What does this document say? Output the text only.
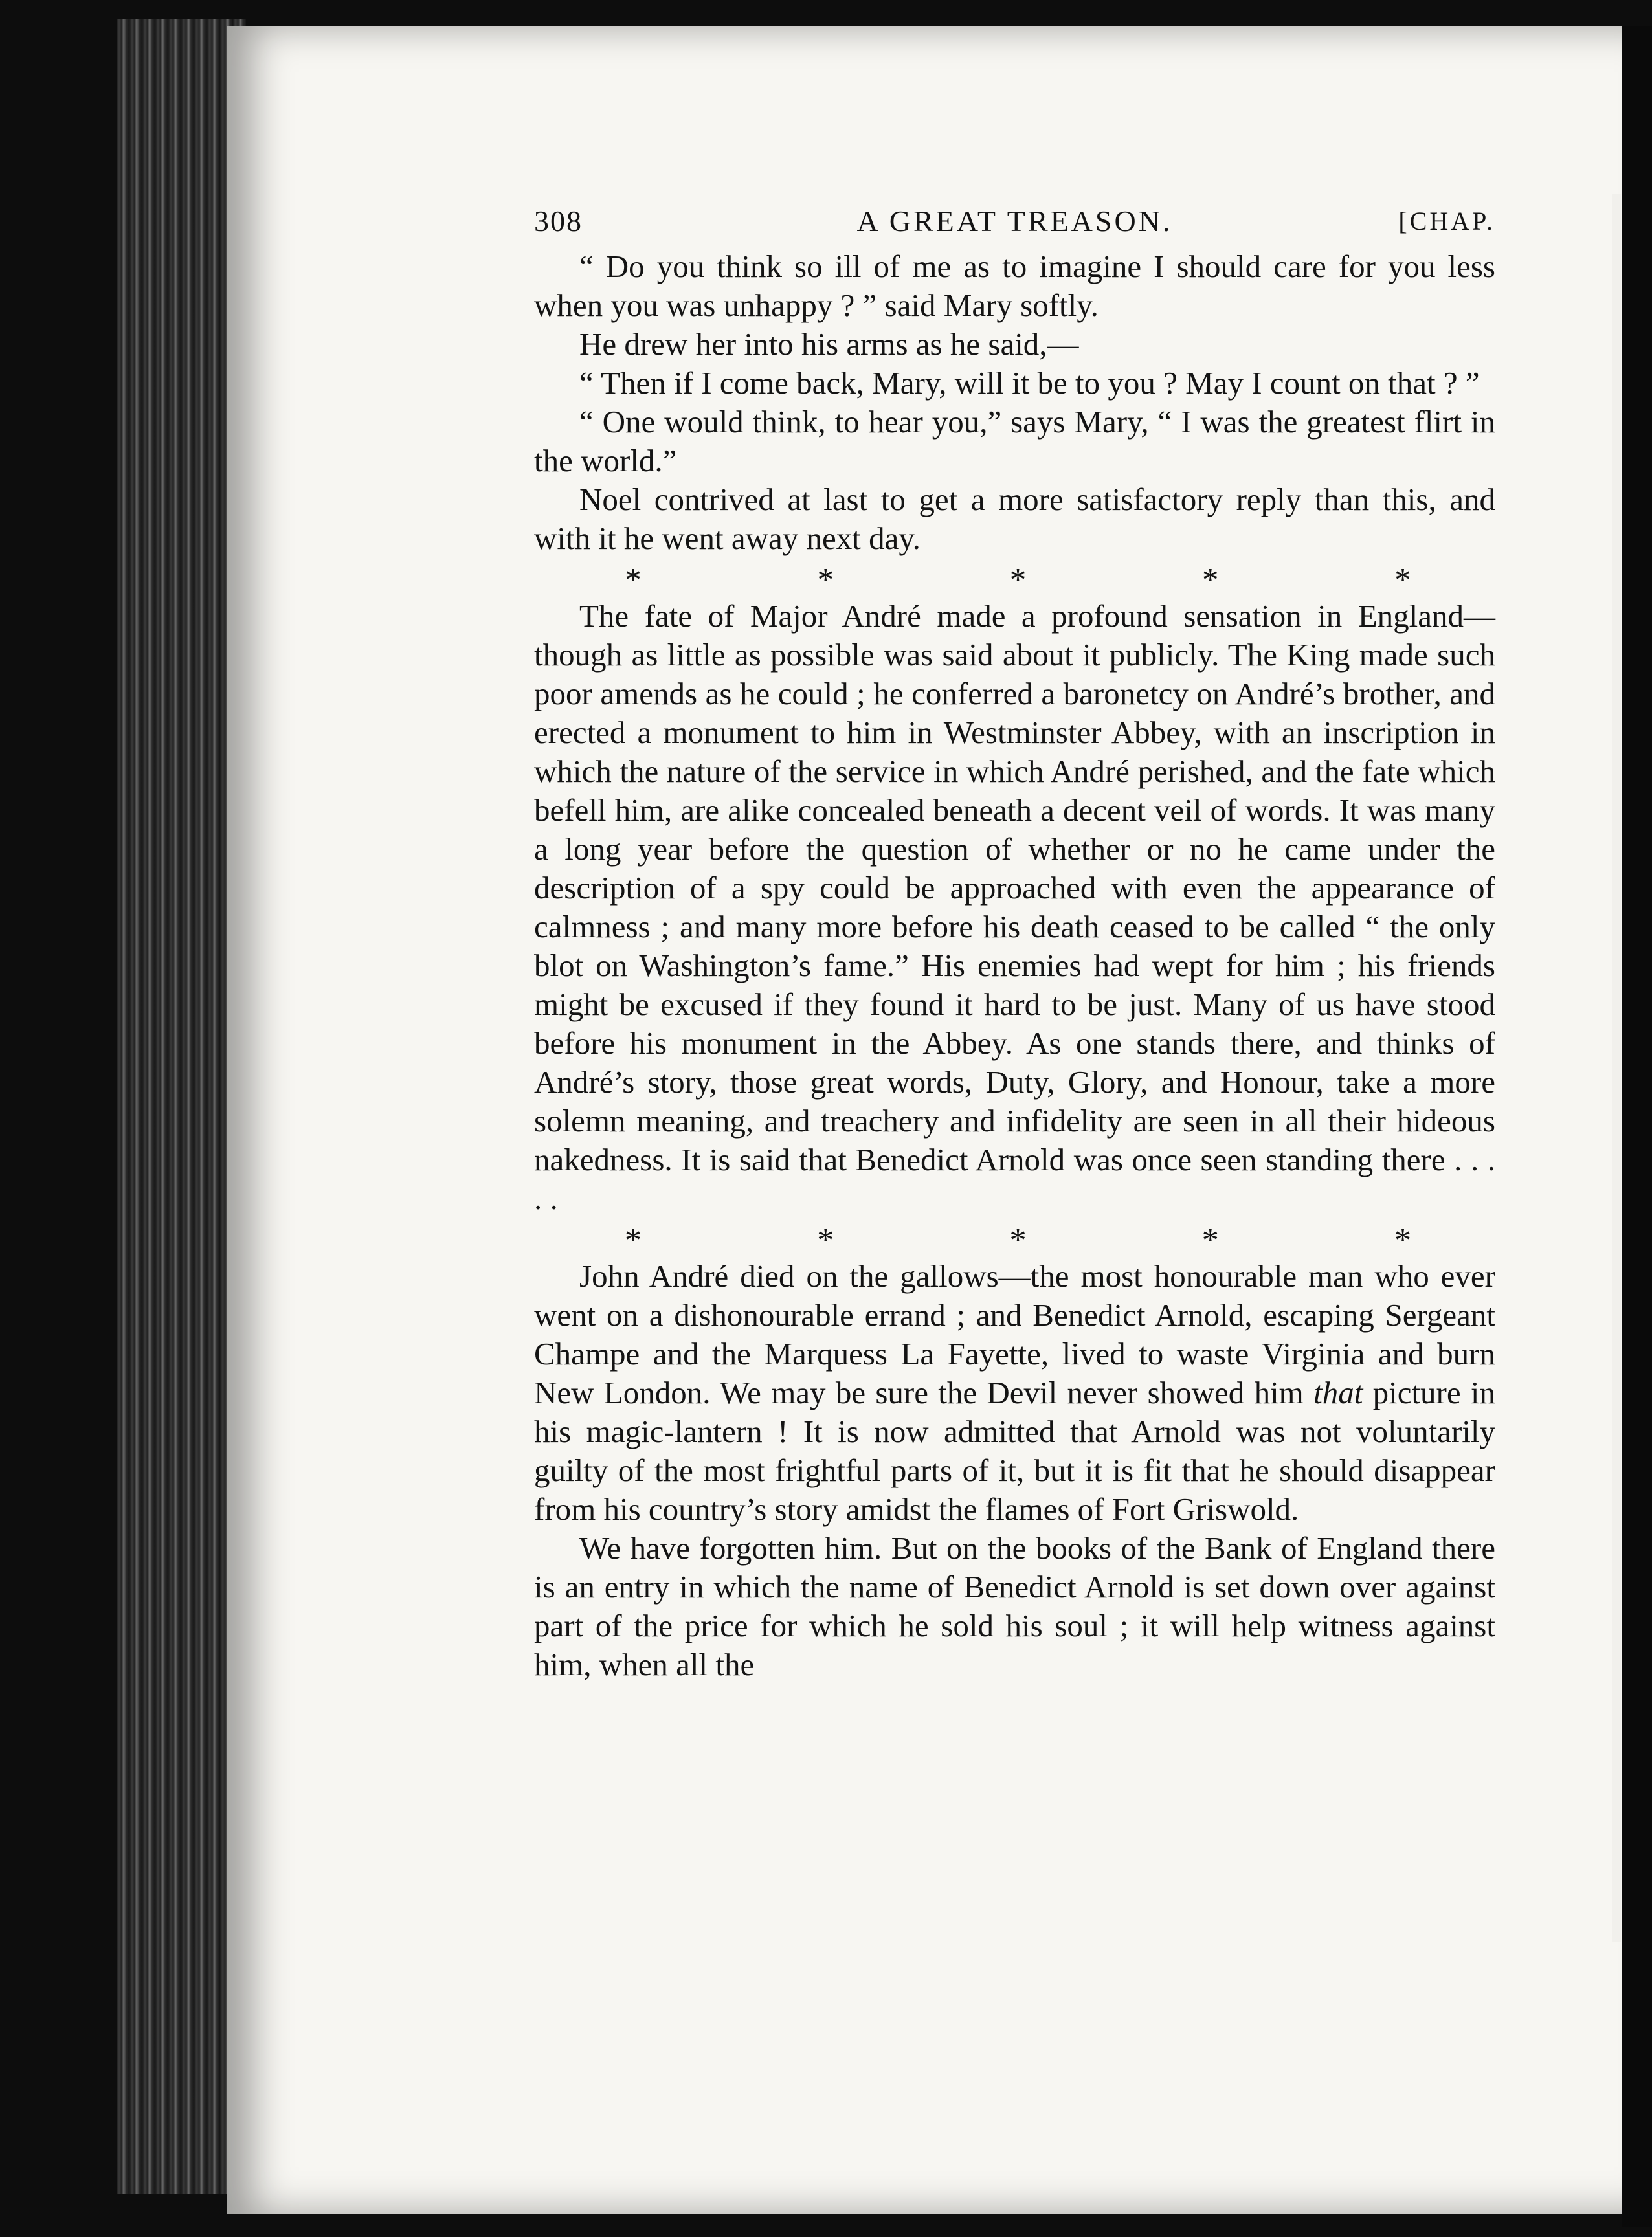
308	A GREAT TREASON.	[CHAP.

“ Do you think so ill of me as to imagine I should care for you less when you was unhappy ? ” said Mary softly.

He drew her into his arms as he said,—

“ Then if I come back, Mary, will it be to you ? May I count on that ? ”

“ One would think, to hear you,” says Mary, “ I was the greatest flirt in the world.”

Noel contrived at last to get a more satisfactory reply than this, and with it he went away next day.

*	*	*	*	*

The fate of Major André made a profound sensation in England—though as little as possible was said about it publicly. The King made such poor amends as he could ; he conferred a baronetcy on André’s brother, and erected a monument to him in Westminster Abbey, with an inscription in which the nature of the service in which André perished, and the fate which befell him, are alike concealed beneath a decent veil of words. It was many a long year before the question of whether or no he came under the description of a spy could be approached with even the appearance of calmness ; and many more before his death ceased to be called “ the only blot on Washington’s fame.” His enemies had wept for him ; his friends might be excused if they found it hard to be just. Many of us have stood before his monument in the Abbey. As one stands there, and thinks of André’s story, those great words, Duty, Glory, and Honour, take a more solemn meaning, and treachery and infidelity are seen in all their hideous nakedness. It is said that Benedict Arnold was once seen standing there . . . . .

*	*	*	*	*

John André died on the gallows—the most honourable man who ever went on a dishonourable errand ; and Benedict Arnold, escaping Sergeant Champe and the Marquess La Fayette, lived to waste Virginia and burn New London. We may be sure the Devil never showed him that picture in his magic-lantern ! It is now admitted that Arnold was not voluntarily guilty of the most frightful parts of it, but it is fit that he should disappear from his country’s story amidst the flames of Fort Griswold.

We have forgotten him. But on the books of the Bank of England there is an entry in which the name of Benedict Arnold is set down over against part of the price for which he sold his soul ; it will help witness against him, when all the
